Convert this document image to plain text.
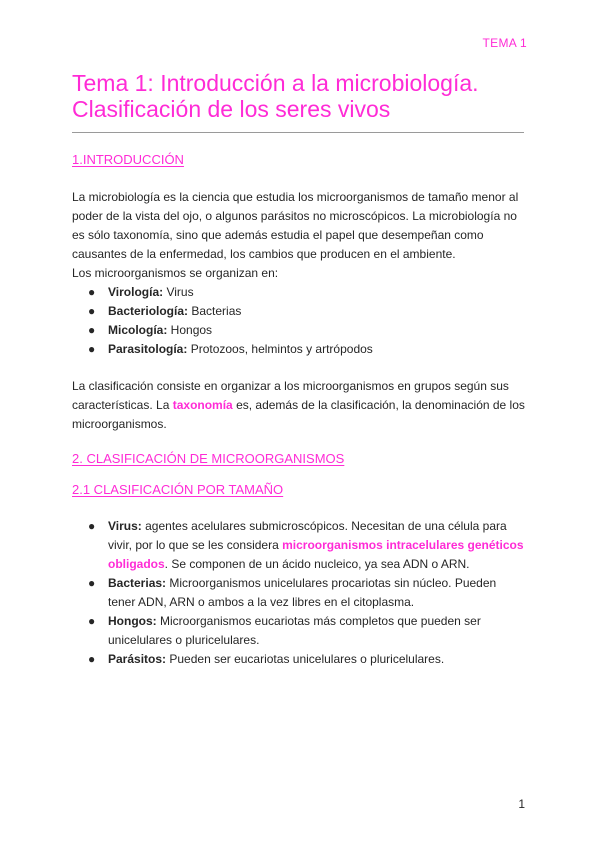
TEMA 1
Tema 1: Introducción a la microbiología.
Clasificación de los seres vivos
1.INTRODUCCIÓN

La microbiología es la ciencia que estudia los microorganismos de tamaño menor al
poder de la vista del ojo, o algunos parásitos no microscópicos. La microbiología no
es sólo taxonomía, sino que además estudia el papel que desempeñan como
causantes de la enfermedad, los cambios que producen en el ambiente.
Los microorganismos se organizan en:

● Virología: Virus
● Bacteriología: Bacterias
● Micología: Hongos
● Parasitología: Protozoos, helmintos y artrópodos

La clasificación consiste en organizar a los microorganismos en grupos según sus
características. La taxonomía es, además de la clasificación, la denominación de los
microorganismos.

2. CLASIFICACIÓN DE MICROORGANISMOS
2.1 CLASIFICACIÓN POR TAMAÑO
● Virus: agentes acelulares submicroscópicos. Necesitan de una célula para
vivir, por lo que se les considera microorganismos intracelulares genéticos
obligados. Se componen de un ácido nucleico, ya sea ADN o ARN.
● Bacterias: Microorganismos unicelulares procariotas sin núcleo. Pueden
tener ADN, ARN o ambos a la vez libres en el citoplasma.
● Hongos: Microorganismos eucariotas más completos que pueden ser
unicelulares o pluricelulares.
● Parásitos: Pueden ser eucariotas unicelulares o pluricelulares.
1
